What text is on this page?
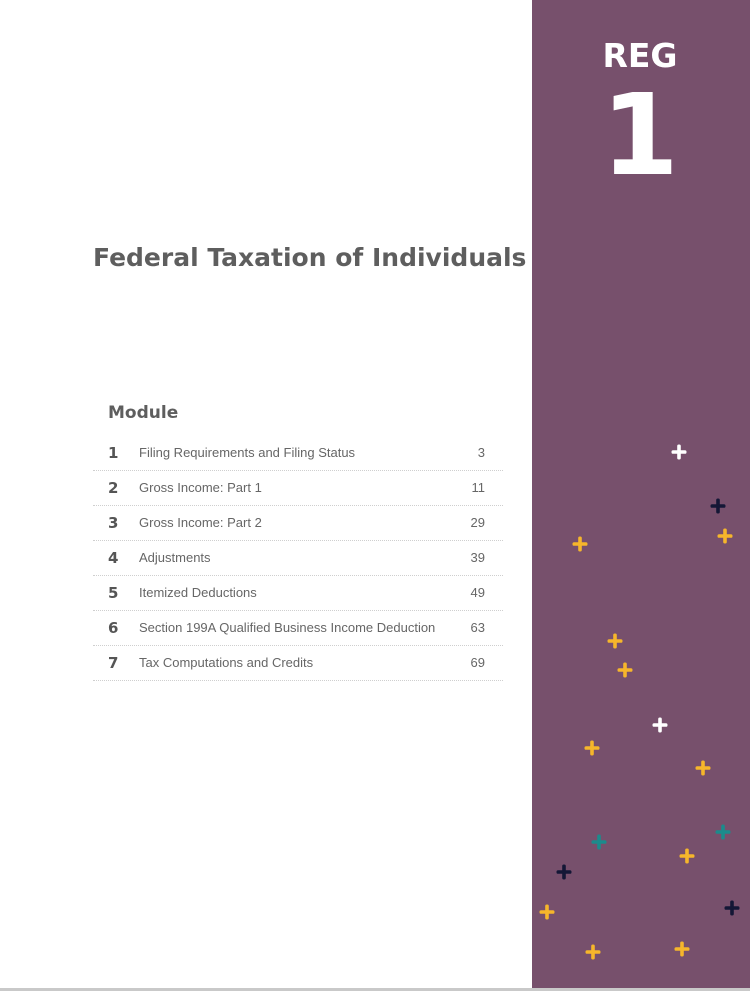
REG
1
Federal Taxation of Individuals
Module
1 Filing Requirements and Filing Status	3
2 Gross Income: Part 1	11
3 Gross Income: Part 2	29
4 Adjustments	39
5 Itemized Deductions	49
6 Section 199A Qualified Business Income Deduction	63
7 Tax Computations and Credits	69
